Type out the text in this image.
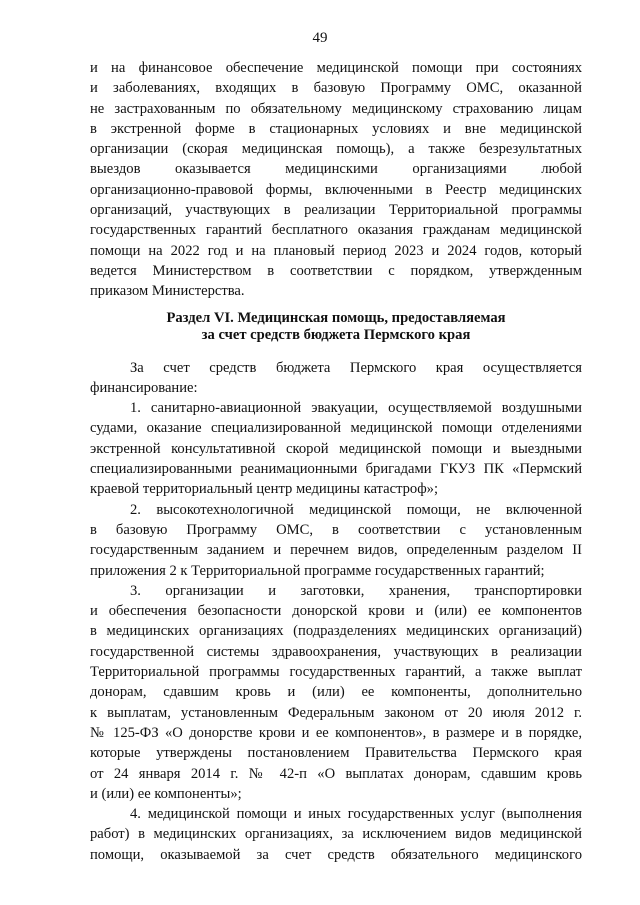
49
и на финансовое обеспечение медицинской помощи при состояниях
и заболеваниях, входящих в базовую Программу ОМС, оказанной
не застрахованным по обязательному медицинскому страхованию лицам
в экстренной форме в стационарных условиях и вне медицинской
организации (скорая медицинская помощь), а также безрезультатных
выездов оказывается медицинскими организациями любой
организационно-правовой формы, включенными в Реестр медицинских
организаций, участвующих в реализации Территориальной программы
государственных гарантий бесплатного оказания гражданам медицинской
помощи на 2022 год и на плановый период 2023 и 2024 годов, который
ведется Министерством в соответствии с порядком, утвержденным
приказом Министерства.
Раздел VI. Медицинская помощь, предоставляемая
за счет средств бюджета Пермского края
За счет средств бюджета Пермского края осуществляется
финансирование:
1. санитарно-авиационной эвакуации, осуществляемой воздушными
судами, оказание специализированной медицинской помощи отделениями
экстренной консультативной скорой медицинской помощи и выездными
специализированными реанимационными бригадами ГКУЗ ПК «Пермский
краевой территориальный центр медицины катастроф»;
2. высокотехнологичной медицинской помощи, не включенной
в базовую Программу ОМС, в соответствии с установленным
государственным заданием и перечнем видов, определенным разделом II
приложения 2 к Территориальной программе государственных гарантий;
3. организации и заготовки, хранения, транспортировки
и обеспечения безопасности донорской крови и (или) ее компонентов
в медицинских организациях (подразделениях медицинских организаций)
государственной системы здравоохранения, участвующих в реализации
Территориальной программы государственных гарантий, а также выплат
донорам, сдавшим кровь и (или) ее компоненты, дополнительно
к выплатам, установленным Федеральным законом от 20 июля 2012 г.
№ 125-ФЗ «О донорстве крови и ее компонентов», в размере и в порядке,
которые утверждены постановлением Правительства Пермского края
от 24 января 2014 г. № 42-п «О выплатах донорам, сдавшим кровь
и (или) ее компоненты»;
4. медицинской помощи и иных государственных услуг (выполнения
работ) в медицинских организациях, за исключением видов медицинской
помощи, оказываемой за счет средств обязательного медицинского
